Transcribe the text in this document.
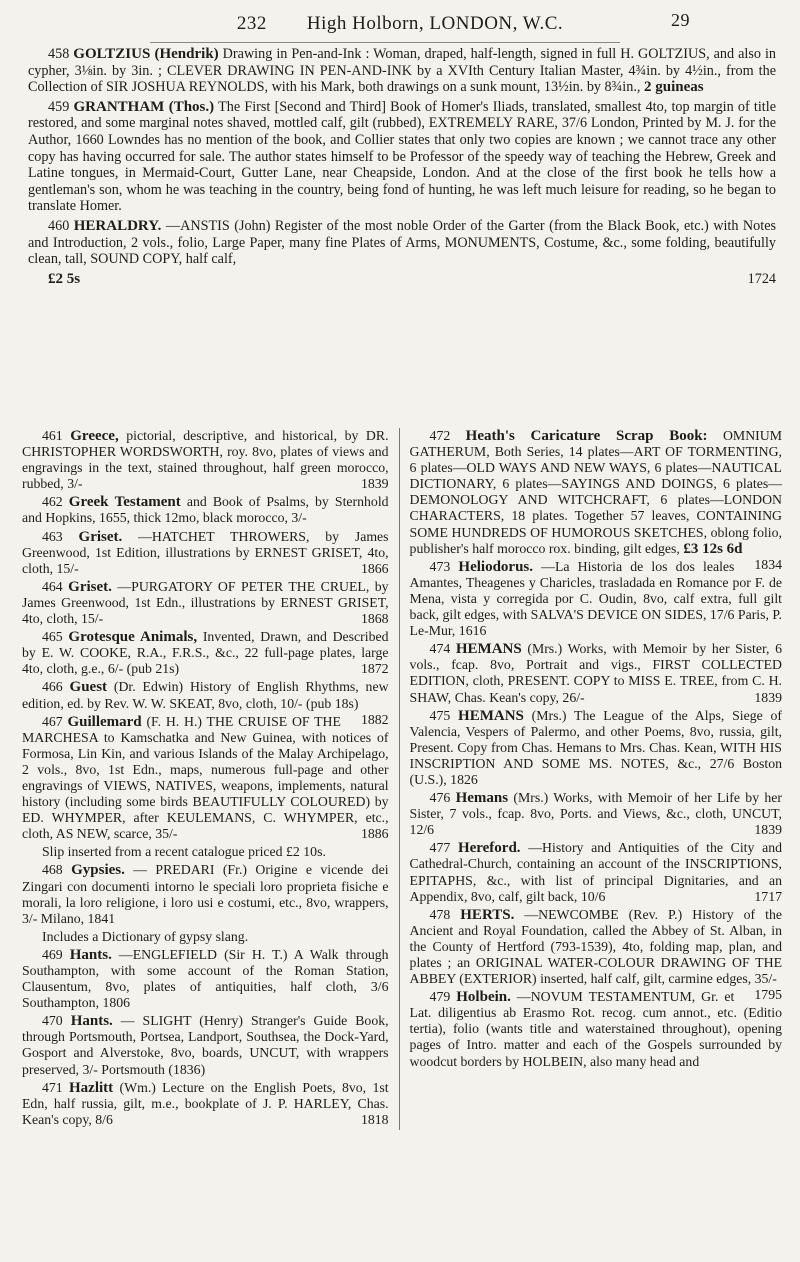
232 High Holborn, LONDON, W.C.	29

458 GOLTZIUS (Hendrik) Drawing in Pen-and-Ink : Woman, draped, half-length, signed in full H. GOLTZIUS, and also in cypher, 3⅛in. by 3in. ; CLEVER DRAWING IN PEN-AND-INK by a XVIth Century Italian Master, 4¾in. by 4½in., from the Collection of SIR JOSHUA REYNOLDS, with his Mark, both drawings on a sunk mount, 13½in. by 8¾in., 2 guineas

459 GRANTHAM (Thos.) The First [Second and Third] Book of Homer's Iliads, translated, smallest 4to, top margin of title restored, and some marginal notes shaved, mottled calf, gilt (rubbed), EXTREMELY RARE, 37/6 London, Printed by M. J. for the Author, 1660 Lowndes has no mention of the book, and Collier states that only two copies are known ; we cannot trace any other copy has having occurred for sale. The author states himself to be Professor of the speedy way of teaching the Hebrew, Greek and Latine tongues, in Mermaid-Court, Gutter Lane, near Cheapside, London. And at the close of the first book he tells how a gentleman's son, whom he was teaching in the country, being fond of hunting, he was left much leisure for reading, so he began to translate Homer.

460 HERALDRY. —ANSTIS (John) Register of the most noble Order of the Garter (from the Black Book, etc.) with Notes and Introduction, 2 vols., folio, Large Paper, many fine Plates of Arms, MONUMENTS, Costume, &c., some folding, beautifully clean, tall, SOUND COPY, half calf,

£2 5s	1724

461 Greece, pictorial, descriptive, and historical, by DR. CHRISTOPHER WORDSWORTH, roy. 8vo, plates of views and engravings in the text, stained throughout, half green morocco, rubbed, 3/-	1839

462 Greek Testament and Book of Psalms, by Sternhold and Hopkins, 1655, thick 12mo, black morocco, 3/-

463 Griset. —HATCHET THROWERS, by James Greenwood, 1st Edition, illustrations by ERNEST GRISET, 4to, cloth, 15/-	1866

464 Griset. —PURGATORY OF PETER THE CRUEL, by James Greenwood, 1st Edn., illustrations by ERNEST GRISET, 4to, cloth, 15/-	1868

465 Grotesque Animals, Invented, Drawn, and Described by E. W. COOKE, R.A., F.R.S., &c., 22 full-page plates, large 4to, cloth, g.e., 6/- (pub 21s)	1872

466 Guest (Dr. Edwin) History of English Rhythms, new edition, ed. by Rev. W. W. SKEAT, 8vo, cloth, 10/- (pub 18s)
1882

467 Guillemard (F. H. H.) THE CRUISE OF THE MARCHESA to Kamschatka and New Guinea, with notices of Formosa, Lin Kin, and various Islands of the Malay Archipelago, 2 vols., 8vo, 1st Edn., maps, numerous full-page and other engravings of VIEWS, NATIVES, weapons, implements, natural history (including some birds BEAUTIFULLY COLOURED) by ED. WHYMPER, after KEULEMANS, C. WHYMPER, etc., cloth, AS NEW, scarce, 35/-	1886

Slip inserted from a recent catalogue priced £2 10s.

468 Gypsies. — PREDARI (Fr.) Origine e vicende dei Zingari con documenti intorno le speciali loro proprieta fisiche e morali, la loro religione, i loro usi e costumi, etc., 8vo, wrappers, 3/- Milano, 1841

Includes a Dictionary of gypsy slang.

469 Hants. —ENGLEFIELD (Sir H. T.) A Walk through Southampton, with some account of the Roman Station, Clausentum, 8vo, plates of antiquities, half cloth, 3/6 Southampton, 1806

470 Hants. — SLIGHT (Henry) Stranger's Guide Book, through Portsmouth, Portsea, Landport, Southsea, the Dock-Yard, Gosport and Alverstoke, 8vo, boards, UNCUT, with wrappers preserved, 3/- Portsmouth (1836)

471 Hazlitt (Wm.) Lecture on the English Poets, 8vo, 1st Edn, half russia, gilt, m.e., bookplate of J. P. HARLEY, Chas. Kean's copy, 8/6	1818

472 Heath's Caricature Scrap Book: OMNIUM GATHERUM, Both Series, 14 plates—ART OF TORMENTING, 6 plates—OLD WAYS AND NEW WAYS, 6 plates—NAUTICAL DICTIONARY, 6 plates—SAYINGS AND DOINGS, 6 plates—DEMONOLOGY AND WITCHCRAFT, 6 plates—LONDON CHARACTERS, 18 plates. Together 57 leaves, CONTAINING SOME HUNDREDS OF HUMOROUS SKETCHES, oblong folio, publisher's half morocco rox. binding, gilt edges, £3 12s 6d
1834

473 Heliodorus. —La Historia de los dos leales Amantes, Theagenes y Charicles, trasladada en Romance por F. de Mena, vista y corregida por C. Oudin, 8vo, calf extra, full gilt back, gilt edges, with SALVA'S DEVICE ON SIDES, 17/6 Paris, P. Le-Mur, 1616

474 HEMANS (Mrs.) Works, with Memoir by her Sister, 6 vols., fcap. 8vo, Portrait and vigs., FIRST COLLECTED EDITION, cloth, PRESENT. COPY to MISS E. TREE, from C. H. SHAW, Chas. Kean's copy, 26/-	1839

475 HEMANS (Mrs.) The League of the Alps, Siege of Valencia, Vespers of Palermo, and other Poems, 8vo, russia, gilt, Present. Copy from Chas. Hemans to Mrs. Chas. Kean, WITH HIS INSCRIPTION AND SOME MS. NOTES, &c., 27/6 Boston (U.S.), 1826

476 Hemans (Mrs.) Works, with Memoir of her Life by her Sister, 7 vols., fcap. 8vo, Ports. and Views, &c., cloth, UNCUT, 12/6	1839

477 Hereford. —History and Antiquities of the City and Cathedral-Church, containing an account of the INSCRIPTIONS, EPITAPHS, &c., with list of principal Dignitaries, and an Appendix, 8vo, calf, gilt back, 10/6	1717

478 HERTS. —NEWCOMBE (Rev. P.) History of the Ancient and Royal Foundation, called the Abbey of St. Alban, in the County of Hertford (793-1539), 4to, folding map, plan, and plates ; an ORIGINAL WATER-COLOUR DRAWING OF THE ABBEY (EXTERIOR) inserted, half calf, gilt, carmine edges, 35/-
1795

479 Holbein. —NOVUM TESTAMENTUM, Gr. et Lat. diligentius ab Erasmo Rot. recog. cum annot., etc. (Editio tertia), folio (wants title and waterstained throughout), opening pages of Intro. matter and each of the Gospels surrounded by woodcut borders by HOLBEIN, also many head and
